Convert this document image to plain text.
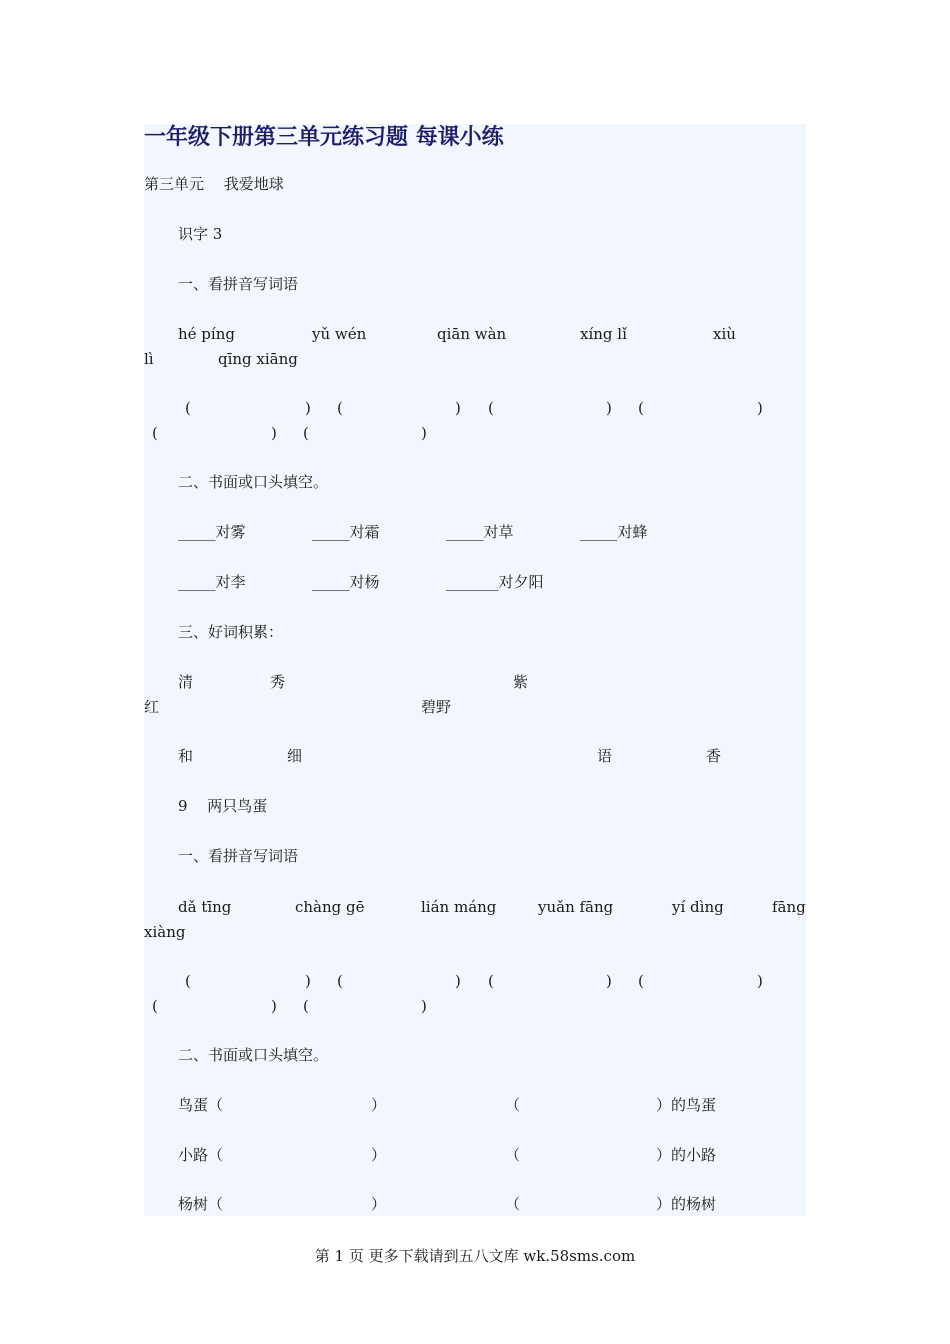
一年级下册第三单元练习题 每课小练
第三单元　 我爱地球
识字 3
一、看拼音写词语
hé píng	yǔ wén	qiān wàn	xíng lǐ	xiù
lì	qīng xiāng
(	) (	) (	) (	)
(	) (	)
二、书面或口头填空。
_____对雾	_____对霜	_____对草	_____对蜂
_____对李	_____对杨	_______对夕阳
三、好词积累：
清	秀	紫
红	碧野
和	细	语	香
9　 两只鸟蛋
一、看拼音写词语
dǎ tīng	chàng gē	lián máng	yuǎn fāng	yí dìng	fāng
xiàng
(	) (	) (	) (	)
(	) (	)
二、书面或口头填空。
鸟蛋（	）	（	）的鸟蛋
小路（	）	（	）的小路
杨树（	）	（	）的杨树
第 1 页 更多下载请到五八文库 wk.58sms.com
